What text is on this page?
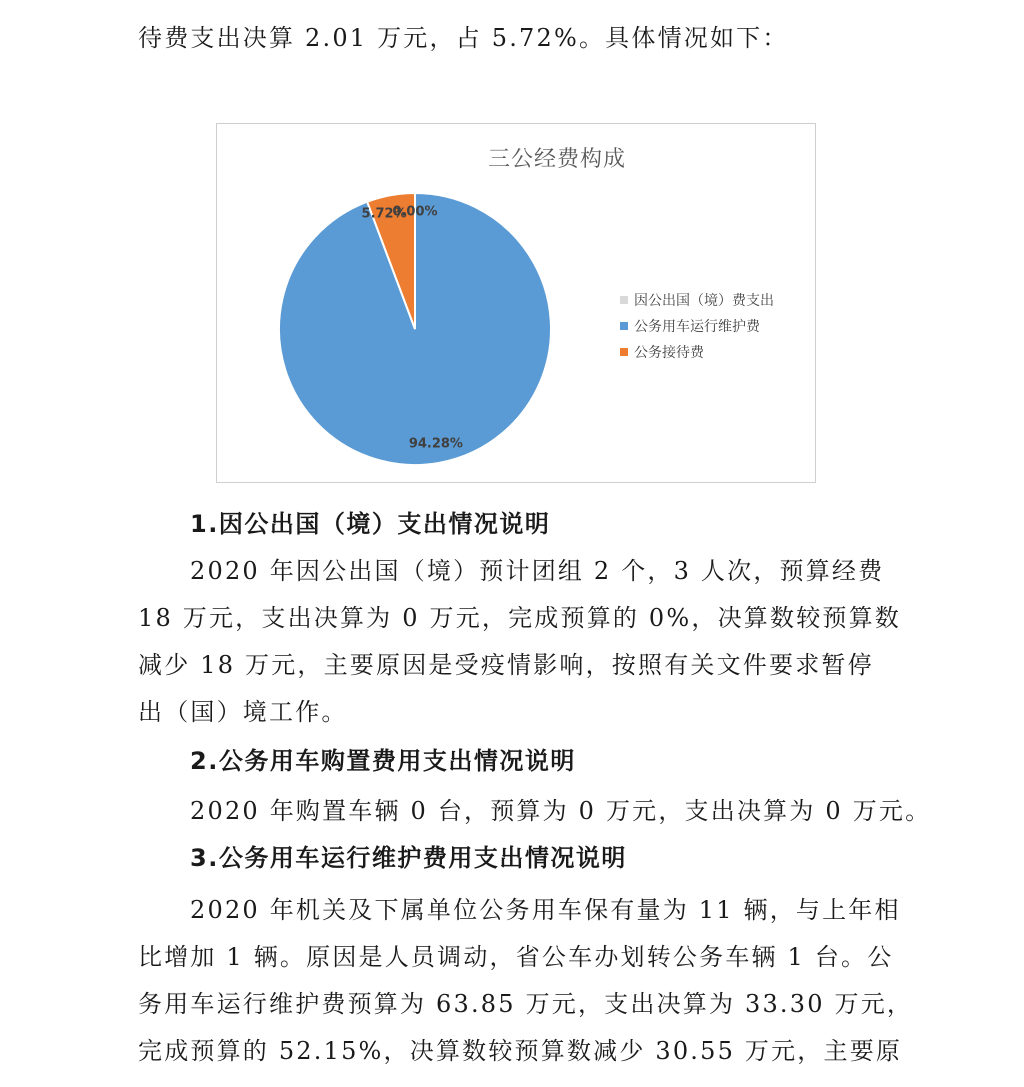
待费支出决算 2.01 万元，占 5.72%。具体情况如下：
三公经费构成
0.00%
94.28%
5.72%
因公出国（境）费支出
公务用车运行维护费
公务接待费
1.因公出国（境）支出情况说明
2020 年因公出国（境）预计团组 2 个，3 人次，预算经费
18 万元，支出决算为 0 万元，完成预算的 0%，决算数较预算数
减少 18 万元，主要原因是受疫情影响，按照有关文件要求暂停
出（国）境工作。
2.公务用车购置费用支出情况说明
2020 年购置车辆 0 台，预算为 0 万元，支出决算为 0 万元。
3.公务用车运行维护费用支出情况说明
2020 年机关及下属单位公务用车保有量为 11 辆，与上年相
比增加 1 辆。原因是人员调动，省公车办划转公务车辆 1 台。公
务用车运行维护费预算为 63.85 万元，支出决算为 33.30 万元，
完成预算的 52.15%，决算数较预算数减少 30.55 万元，主要原
